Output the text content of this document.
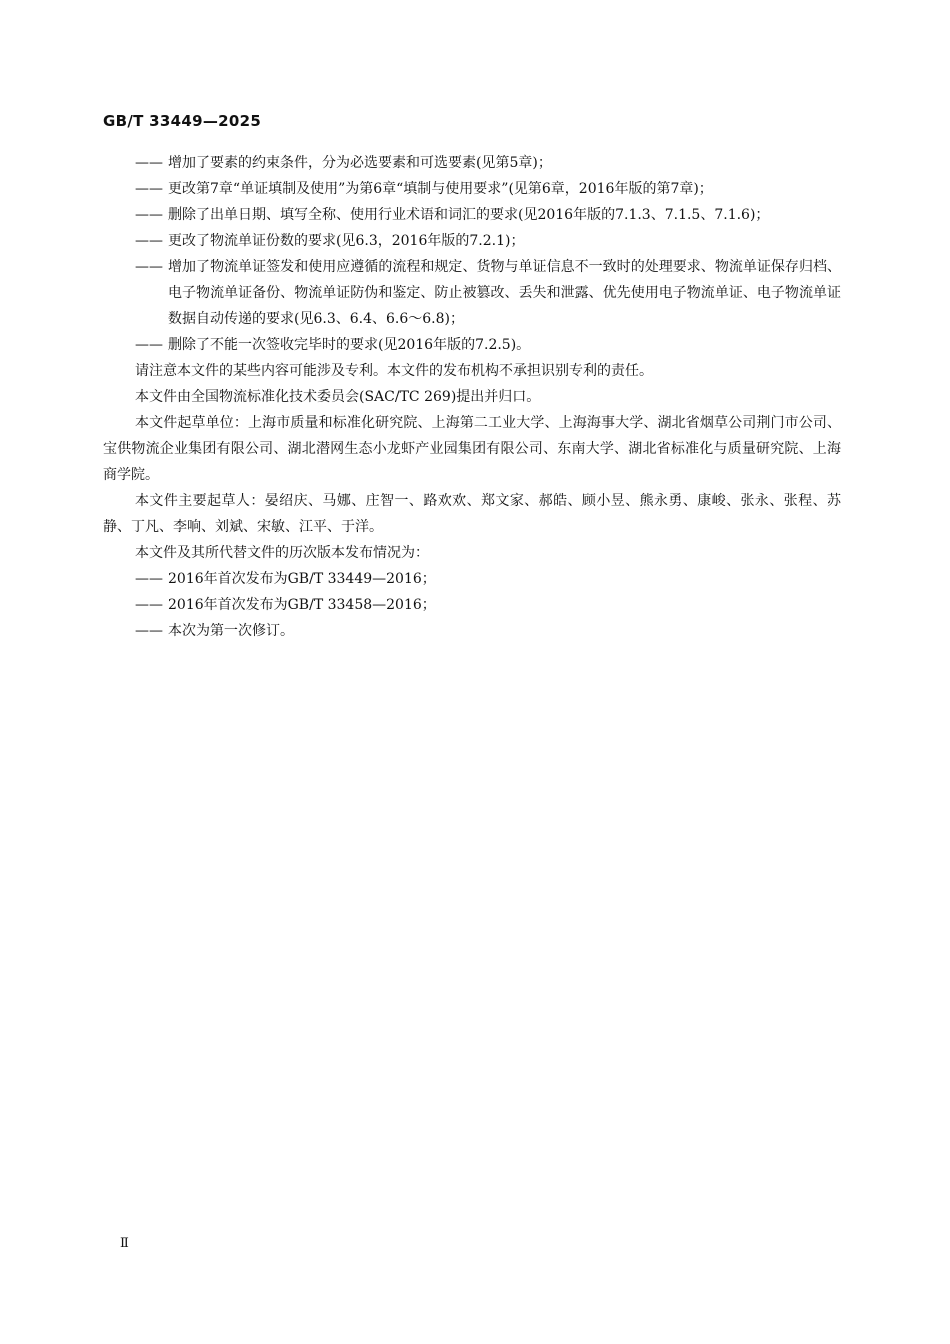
GB/T 33449—2025
—— 增加了要素的约束条件，分为必选要素和可选要素(见第5章)；
—— 更改第7章“单证填制及使用”为第6章“填制与使用要求”(见第6章，2016年版的第7章)；
—— 删除了出单日期、填写全称、使用行业术语和词汇的要求(见2016年版的7.1.3、7.1.5、7.1.6)；
—— 更改了物流单证份数的要求(见6.3，2016年版的7.2.1)；
—— 增加了物流单证签发和使用应遵循的流程和规定、货物与单证信息不一致时的处理要求、物流单证保存归档、电子物流单证备份、物流单证防伪和鉴定、防止被篡改、丢失和泄露、优先使用电子物流单证、电子物流单证数据自动传递的要求(见6.3、6.4、6.6～6.8)；
—— 删除了不能一次签收完毕时的要求(见2016年版的7.2.5)。
请注意本文件的某些内容可能涉及专利。本文件的发布机构不承担识别专利的责任。
本文件由全国物流标准化技术委员会(SAC/TC 269)提出并归口。
本文件起草单位：上海市质量和标准化研究院、上海第二工业大学、上海海事大学、湖北省烟草公司荆门市公司、宝供物流企业集团有限公司、湖北潜网生态小龙虾产业园集团有限公司、东南大学、湖北省标准化与质量研究院、上海商学院。
本文件主要起草人：晏绍庆、马娜、庄智一、路欢欢、郑文家、郝皓、顾小昱、熊永勇、康峻、张永、张程、苏静、丁凡、李响、刘斌、宋敏、江平、于洋。
本文件及其所代替文件的历次版本发布情况为：
—— 2016年首次发布为GB/T 33449—2016；
—— 2016年首次发布为GB/T 33458—2016；
—— 本次为第一次修订。
Ⅱ
